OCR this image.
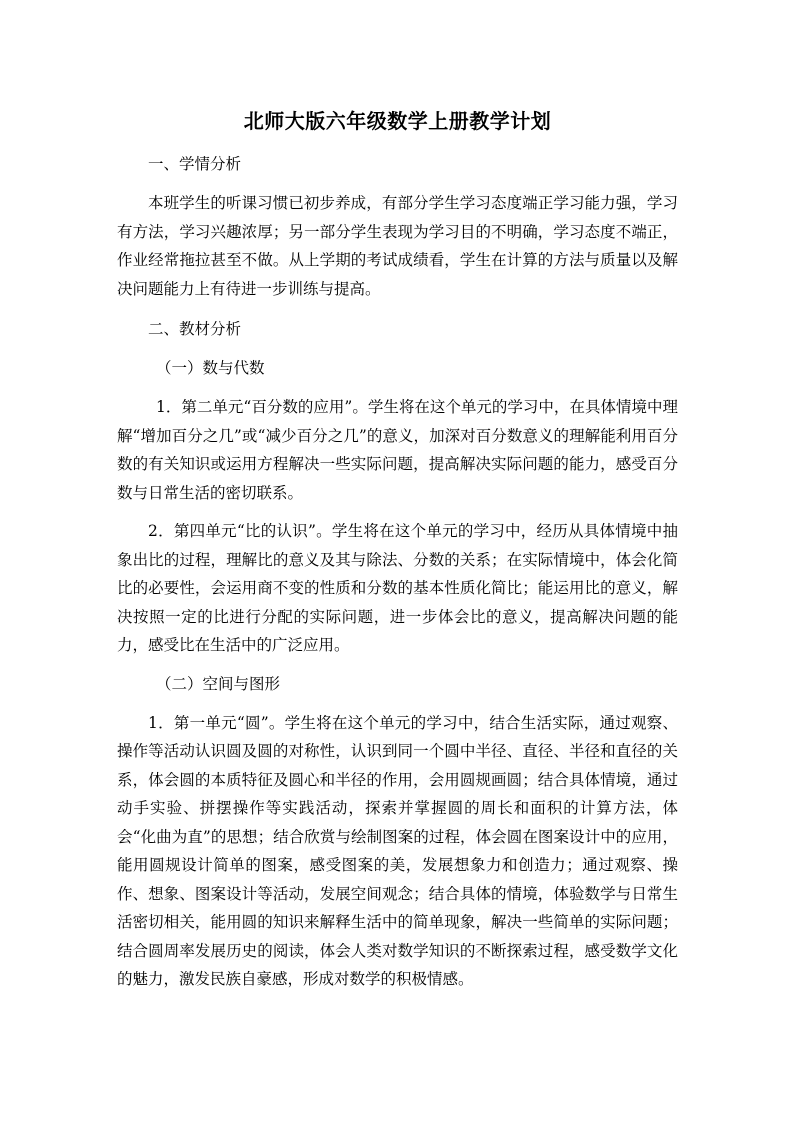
北师大版六年级数学上册教学计划

一、学情分析

本班学生的听课习惯已初步养成，有部分学生学习态度端正学习能力强，学习有方法，学习兴趣浓厚；另一部分学生表现为学习目的不明确，学习态度不端正，作业经常拖拉甚至不做。从上学期的考试成绩看，学生在计算的方法与质量以及解决问题能力上有待进一步训练与提高。

二、教材分析

（一）数与代数

1．第二单元“百分数的应用”。学生将在这个单元的学习中，在具体情境中理解“增加百分之几”或“减少百分之几”的意义，加深对百分数意义的理解能利用百分数的有关知识或运用方程解决一些实际问题，提高解决实际问题的能力，感受百分数与日常生活的密切联系。

2．第四单元“比的认识”。学生将在这个单元的学习中，经历从具体情境中抽象出比的过程，理解比的意义及其与除法、分数的关系；在实际情境中，体会化简比的必要性，会运用商不变的性质和分数的基本性质化简比；能运用比的意义，解决按照一定的比进行分配的实际问题，进一步体会比的意义，提高解决问题的能力，感受比在生活中的广泛应用。

（二）空间与图形

1．第一单元“圆”。学生将在这个单元的学习中，结合生活实际，通过观察、操作等活动认识圆及圆的对称性，认识到同一个圆中半径、直径、半径和直径的关系，体会圆的本质特征及圆心和半径的作用，会用圆规画圆；结合具体情境，通过动手实验、拼摆操作等实践活动，探索并掌握圆的周长和面积的计算方法，体会“化曲为直”的思想；结合欣赏与绘制图案的过程，体会圆在图案设计中的应用，能用圆规设计简单的图案，感受图案的美，发展想象力和创造力；通过观察、操作、想象、图案设计等活动，发展空间观念；结合具体的情境，体验数学与日常生活密切相关，能用圆的知识来解释生活中的简单现象，解决一些简单的实际问题；结合圆周率发展历史的阅读，体会人类对数学知识的不断探索过程，感受数学文化的魅力，激发民族自豪感，形成对数学的积极情感。
